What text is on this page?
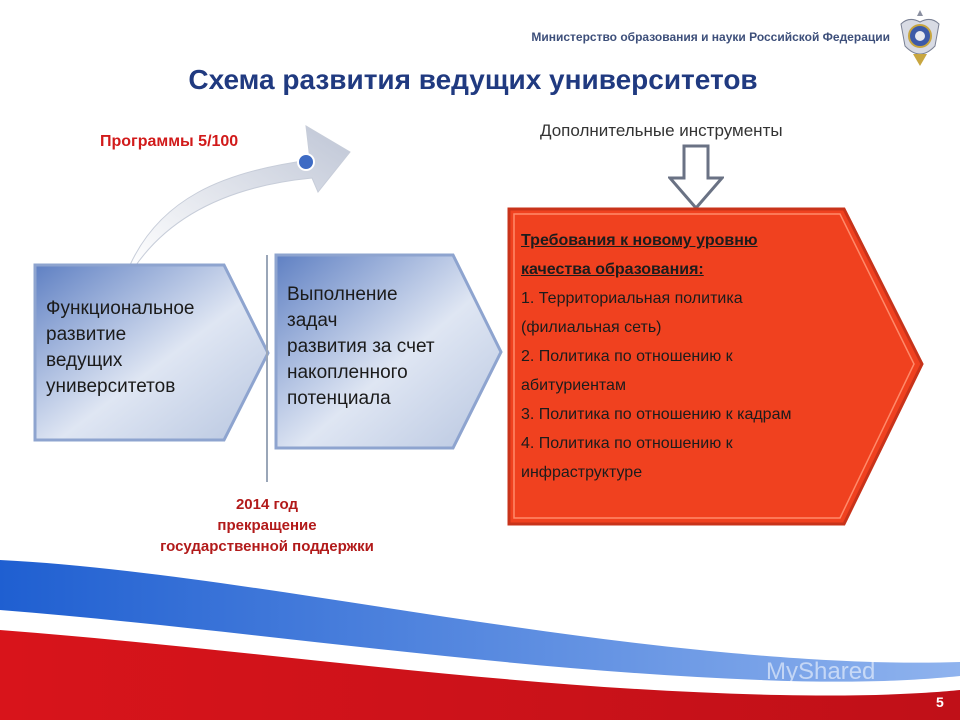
Министерство образования и науки Российской Федерации
Схема развития ведущих университетов
Программы 5/100
Дополнительные инструменты
Функциональное
развитие
ведущих
университетов
Выполнение
задач
развития за счет
накопленного
потенциала
Требования к новому уровню
качества образования:
1. Территориальная политика (филиальная сеть)
2. Политика по отношению к абитуриентам
3. Политика по отношению к кадрам
4. Политика по отношению к инфраструктуре
2014 год
прекращение
государственной поддержки
MyShared
5
